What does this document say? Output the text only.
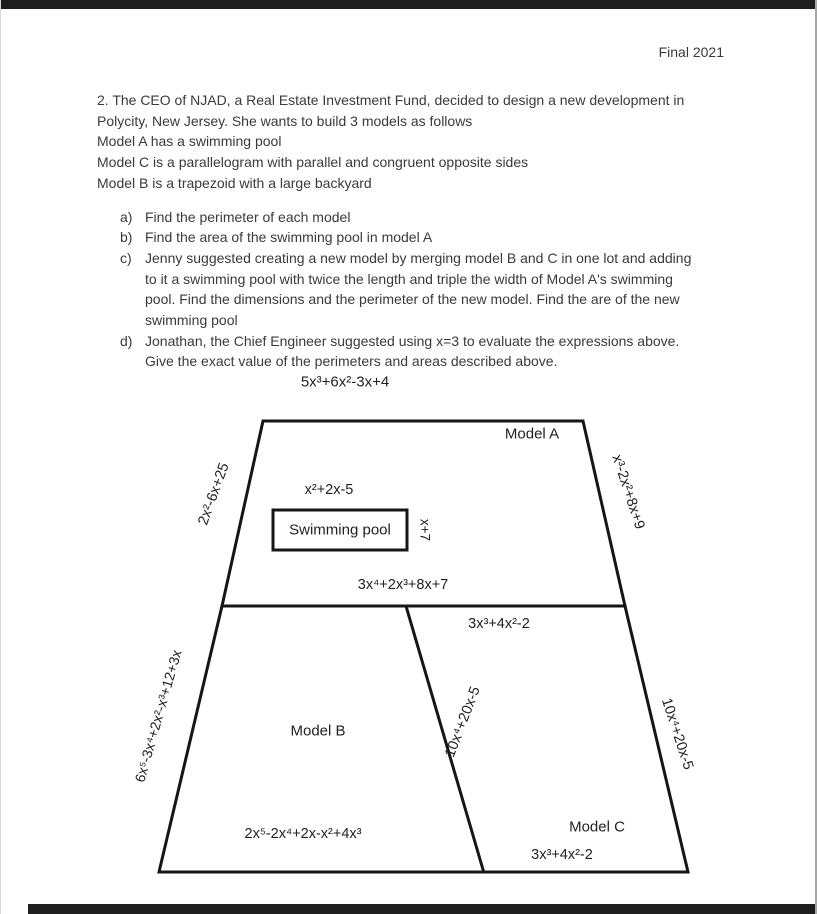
Final 2021
2. The CEO of NJAD, a Real Estate Investment Fund, decided to design a new development in
Polycity, New Jersey. She wants to build 3 models as follows
Model A has a swimming pool
Model C is a parallelogram with parallel and congruent opposite sides
Model B is a trapezoid with a large backyard
a) Find the perimeter of each model
b) Find the area of the swimming pool in model A
c) Jenny suggested creating a new model by merging model B and C in one lot and adding
to it a swimming pool with twice the length and triple the width of Model A's swimming
pool. Find the dimensions and the perimeter of the new model. Find the are of the new
swimming pool
d) Jonathan, the Chief Engineer suggested using x=3 to evaluate the expressions above.
Give the exact value of the perimeters and areas described above.
5x³+6x²-3x+4
Model A
2x²-6x+25	x³-2x²+8x+9
x²+2x-5
Swimming pool x+7
3x⁴+2x³+8x+7
3x³+4x²-2
6x⁵-3x⁴+2x²-x³+12+3x	Model B	10x⁴+20x-5	10x⁴+20x-5
Model C
2x⁵-2x⁴+2x-x²+4x³
3x³+4x²-2
